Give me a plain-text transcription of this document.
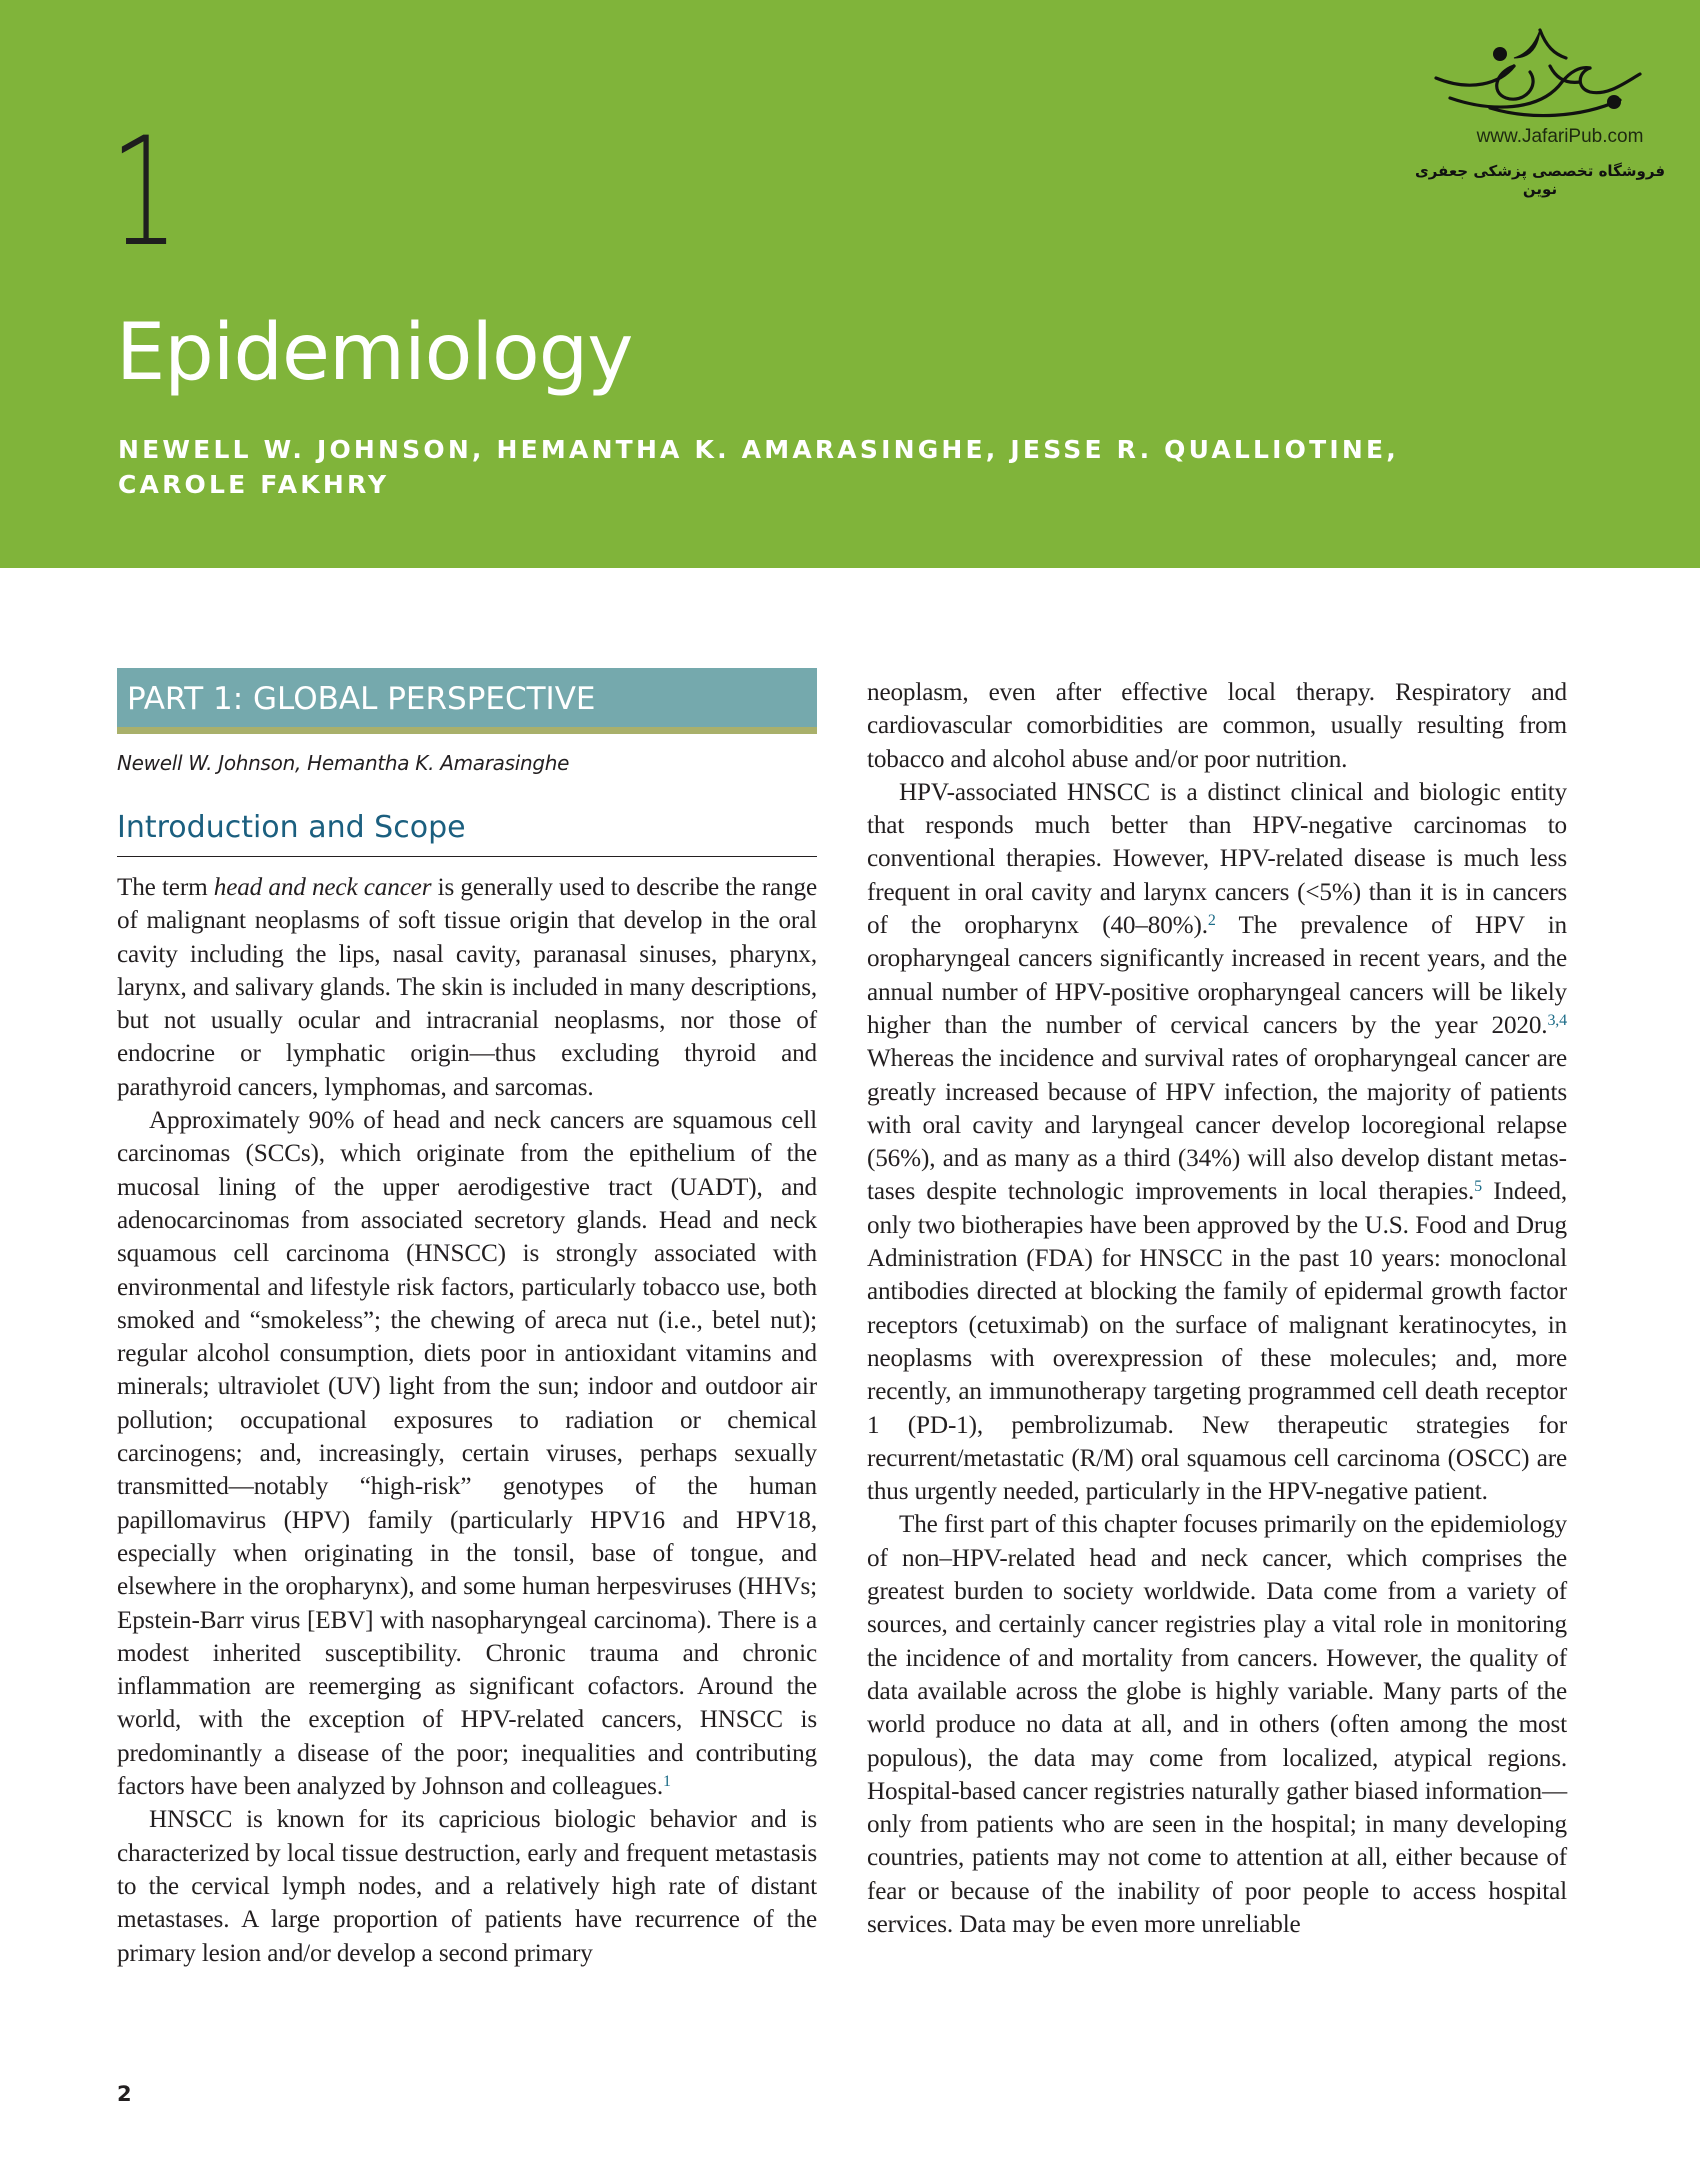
1
Epidemiology
NEWELL W. JOHNSON, HEMANTHA K. AMARASINGHE, JESSE R. QUALLIOTINE,
CAROLE FAKHRY
www.JafariPub.com
فروشگاه تخصصی پزشکی جعفری نوین
PART 1: GLOBAL PERSPECTIVE
Newell W. Johnson, Hemantha K. Amarasinghe
Introduction and Scope

The term head and neck cancer is generally used to describe the range of malignant neoplasms of soft tissue origin that develop in the oral cavity including the lips, nasal cavity, paranasal sinuses, pharynx, larynx, and salivary glands. The skin is included in many descriptions, but not usually ocular and intracranial neoplasms, nor those of endocrine or lymphatic origin—thus excluding thyroid and parathyroid cancers, lymphomas, and sarcomas.

Approximately 90% of head and neck cancers are squamous cell carcinomas (SCCs), which originate from the epithelium of the mucosal lining of the upper aerodigestive tract (UADT), and adenocarcinomas from associated secretory glands. Head and neck squamous cell carcinoma (HNSCC) is strongly associated with environmental and lifestyle risk factors, particularly tobacco use, both smoked and “smokeless”; the chewing of areca nut (i.e., betel nut); regular alcohol consumption, diets poor in antioxidant vitamins and minerals; ultraviolet (UV) light from the sun; indoor and outdoor air pollution; occupational exposures to radiation or chemical carcinogens; and, increasingly, certain viruses, perhaps sexually transmitted—notably “high-risk” genotypes of the human papillomavirus (HPV) family (particularly HPV16 and HPV18, especially when originating in the tonsil, base of tongue, and elsewhere in the oropharynx), and some human herpesviruses (HHVs; Epstein-Barr virus [EBV] with nasopharyngeal carcinoma). There is a modest inherited susceptibility. Chronic trauma and chronic inflammation are reemerging as significant cofactors. Around the world, with the exception of HPV-related cancers, HNSCC is predominantly a disease of the poor; inequalities and contributing factors have been analyzed by Johnson and colleagues.$^1$

HNSCC is known for its capricious biologic behavior and is characterized by local tissue destruction, early and frequent metastasis to the cervical lymph nodes, and a relatively high rate of distant metastases. A large proportion of patients have recurrence of the primary lesion and/or develop a second primary

neoplasm, even after effective local therapy. Respiratory and cardiovascular comorbidities are common, usually resulting from tobacco and alcohol abuse and/or poor nutrition.

HPV-associated HNSCC is a distinct clinical and biologic entity that responds much better than HPV-negative carcinomas to conventional therapies. However, HPV-related disease is much less frequent in oral cavity and larynx cancers (<5%) than it is in cancers of the oropharynx (40–80%).$^2$ The prevalence of HPV in oropharyngeal cancers significantly increased in recent years, and the annual number of HPV-positive oropharyngeal cancers will be likely higher than the number of cervical cancers by the year 2020.$^{3,4}$ Whereas the incidence and survival rates of oropharyngeal cancer are greatly increased because of HPV infection, the majority of patients with oral cavity and laryngeal cancer develop locoregional relapse (56%), and as many as a third (34%) will also develop distant metastases despite technologic improvements in local therapies.$^5$ Indeed, only two biotherapies have been approved by the U.S. Food and Drug Administration (FDA) for HNSCC in the past 10 years: monoclonal antibodies directed at blocking the family of epidermal growth factor receptors (cetuximab) on the surface of malignant keratinocytes, in neoplasms with overexpression of these molecules; and, more recently, an immunotherapy targeting programmed cell death receptor 1 (PD-1), pembrolizumab. New therapeutic strategies for recurrent/metastatic (R/M) oral squamous cell carcinoma (OSCC) are thus urgently needed, particularly in the HPV-negative patient.

The first part of this chapter focuses primarily on the epidemiology of non–HPV-related head and neck cancer, which comprises the greatest burden to society worldwide. Data come from a variety of sources, and certainly cancer registries play a vital role in monitoring the incidence of and mortality from cancers. However, the quality of data available across the globe is highly variable. Many parts of the world produce no data at all, and in others (often among the most populous), the data may come from localized, atypical regions. Hospital-based cancer registries naturally gather biased information—only from patients who are seen in the hospital; in many developing countries, patients may not come to attention at all, either because of fear or because of the inability of poor people to access hospital services. Data may be even more unreliable

2
